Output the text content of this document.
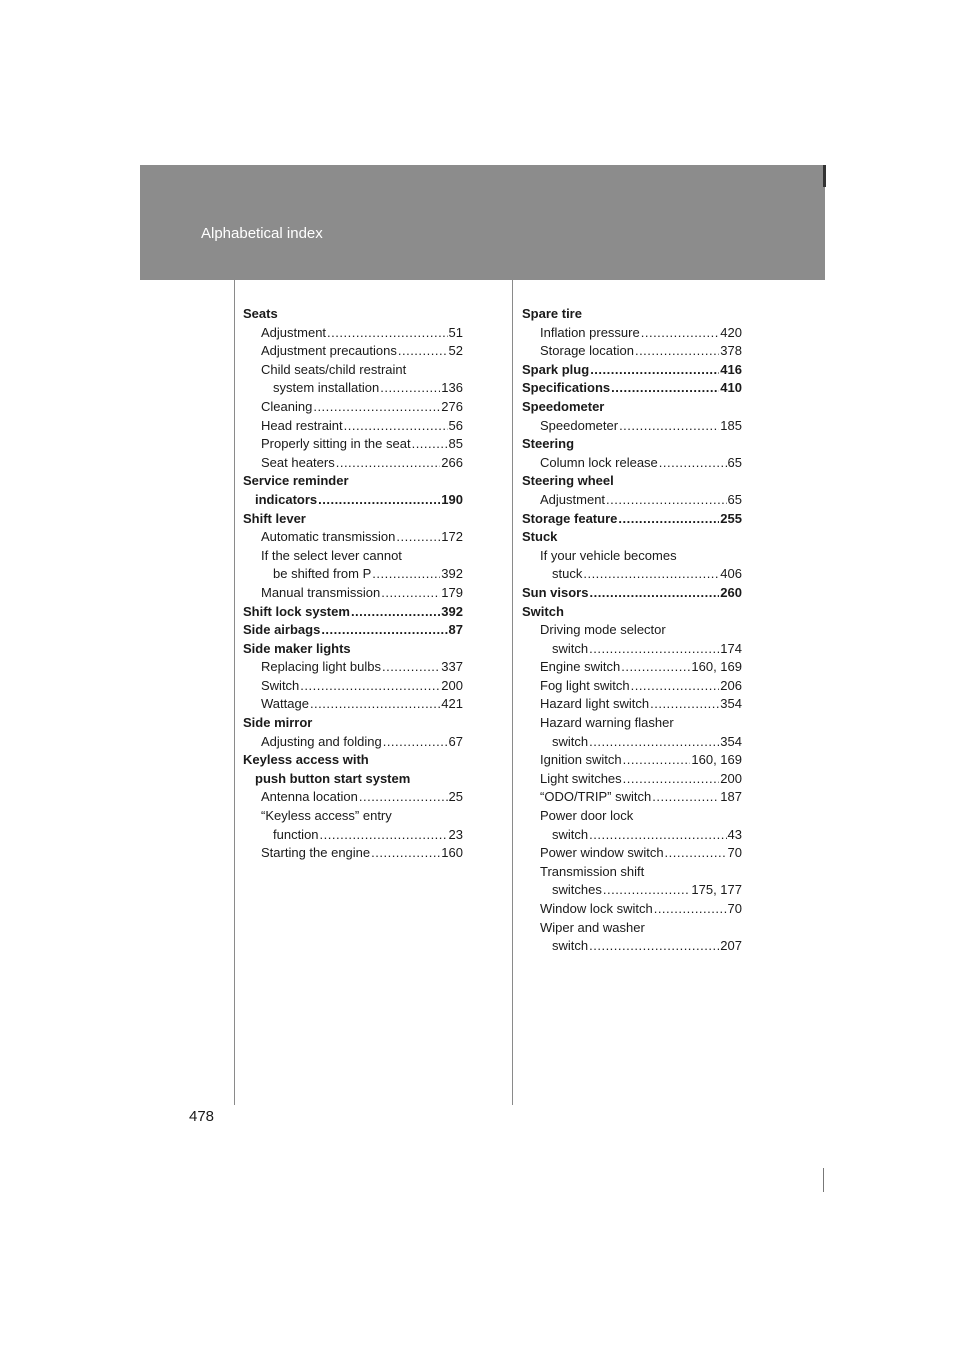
Alphabetical index
Seats
Adjustment .....	51
Adjustment precautions .....	52
Child seats/child restraint
system installation .....	136
Cleaning .....	276
Head restraint .....	56
Properly sitting in the seat .....	85
Seat heaters .....	266
Service reminder
indicators .....	190
Shift lever
Automatic transmission .....	172
If the select lever cannot
be shifted from P .....	392
Manual transmission .....	179
Shift lock system .....	392
Side airbags .....	87
Side maker lights
Replacing light bulbs .....	337
Switch .....	200
Wattage .....	421
Side mirror
Adjusting and folding .....	67
Keyless access with
push button start system
Antenna location .....	25
“Keyless access” entry
function .....	23
Starting the engine .....	160
Spare tire
Inflation pressure .....	420
Storage location .....	378
Spark plug .....	416
Specifications .....	410
Speedometer
Speedometer .....	185
Steering
Column lock release .....	65
Steering wheel
Adjustment .....	65
Storage feature .....	255
Stuck
If your vehicle becomes
stuck .....	406
Sun visors .....	260
Switch
Driving mode selector
switch .....	174
Engine switch .....	160, 169
Fog light switch .....	206
Hazard light switch .....	354
Hazard warning flasher
switch .....	354
Ignition switch .....	160, 169
Light switches .....	200
“ODO/TRIP” switch .....	187
Power door lock
switch .....	43
Power window switch .....	70
Transmission shift
switches .....	175, 177
Window lock switch .....	70
Wiper and washer
switch .....	207
478
